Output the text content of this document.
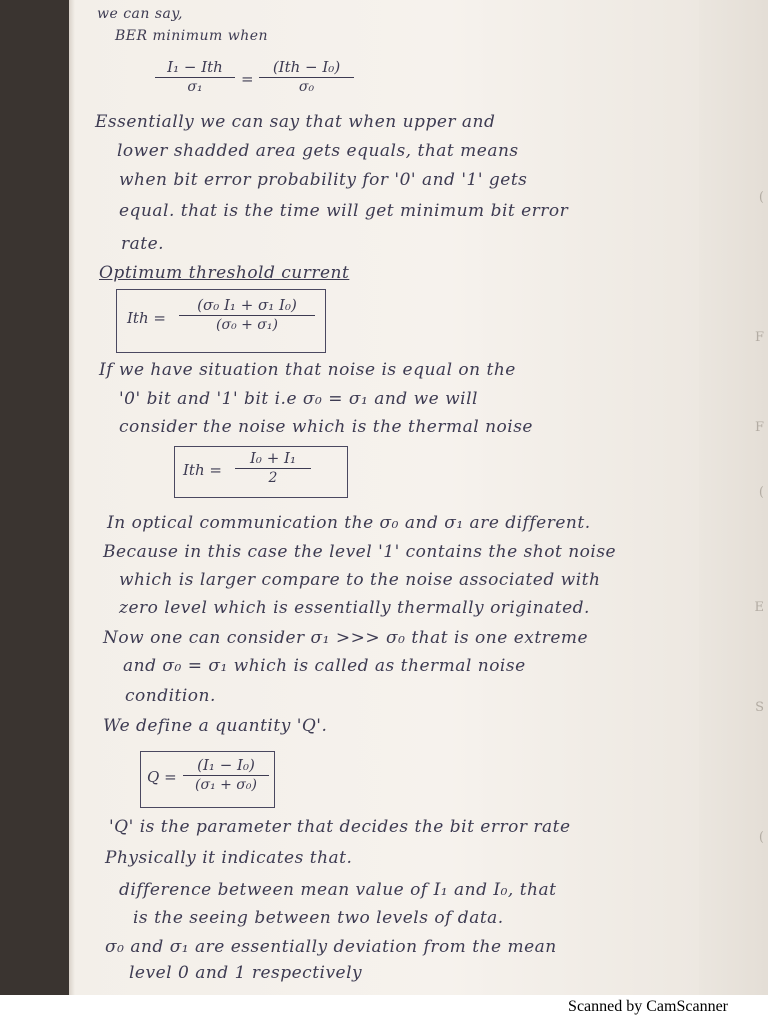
we can say,
BER minimum when
I₁ − Ith
σ₁	=
(Ith − I₀)
σ₀
Essentially we can say that when upper and
lower shadded area gets equals, that means
when bit error probability for '0' and '1' gets
equal. that is the time will get minimum bit error
rate.
Optimum threshold current
Ith =
(σ₀ I₁ + σ₁ I₀)
(σ₀ + σ₁)
If we have situation that noise is equal on the
'0' bit and '1' bit i.e σ₀ = σ₁ and we will
consider the noise which is the thermal noise
Ith =
I₀ + I₁
2
In optical communication the σ₀ and σ₁ are different.
Because in this case the level '1' contains the shot noise
which is larger compare to the noise associated with
zero level which is essentially thermally originated.
Now one can consider σ₁ >>> σ₀ that is one extreme
and σ₀ = σ₁ which is called as thermal noise
condition.
We define a quantity 'Q'.
Q =
(I₁ − I₀)
(σ₁ + σ₀)
'Q' is the parameter that decides the bit error rate
Physically it indicates that.
difference between mean value of I₁ and I₀, that
is the seeing between two levels of data.
σ₀ and σ₁ are essentially deviation from the mean
level 0 and 1 respectively
(
F
F
(
E
S
(
Scanned by CamScanner
